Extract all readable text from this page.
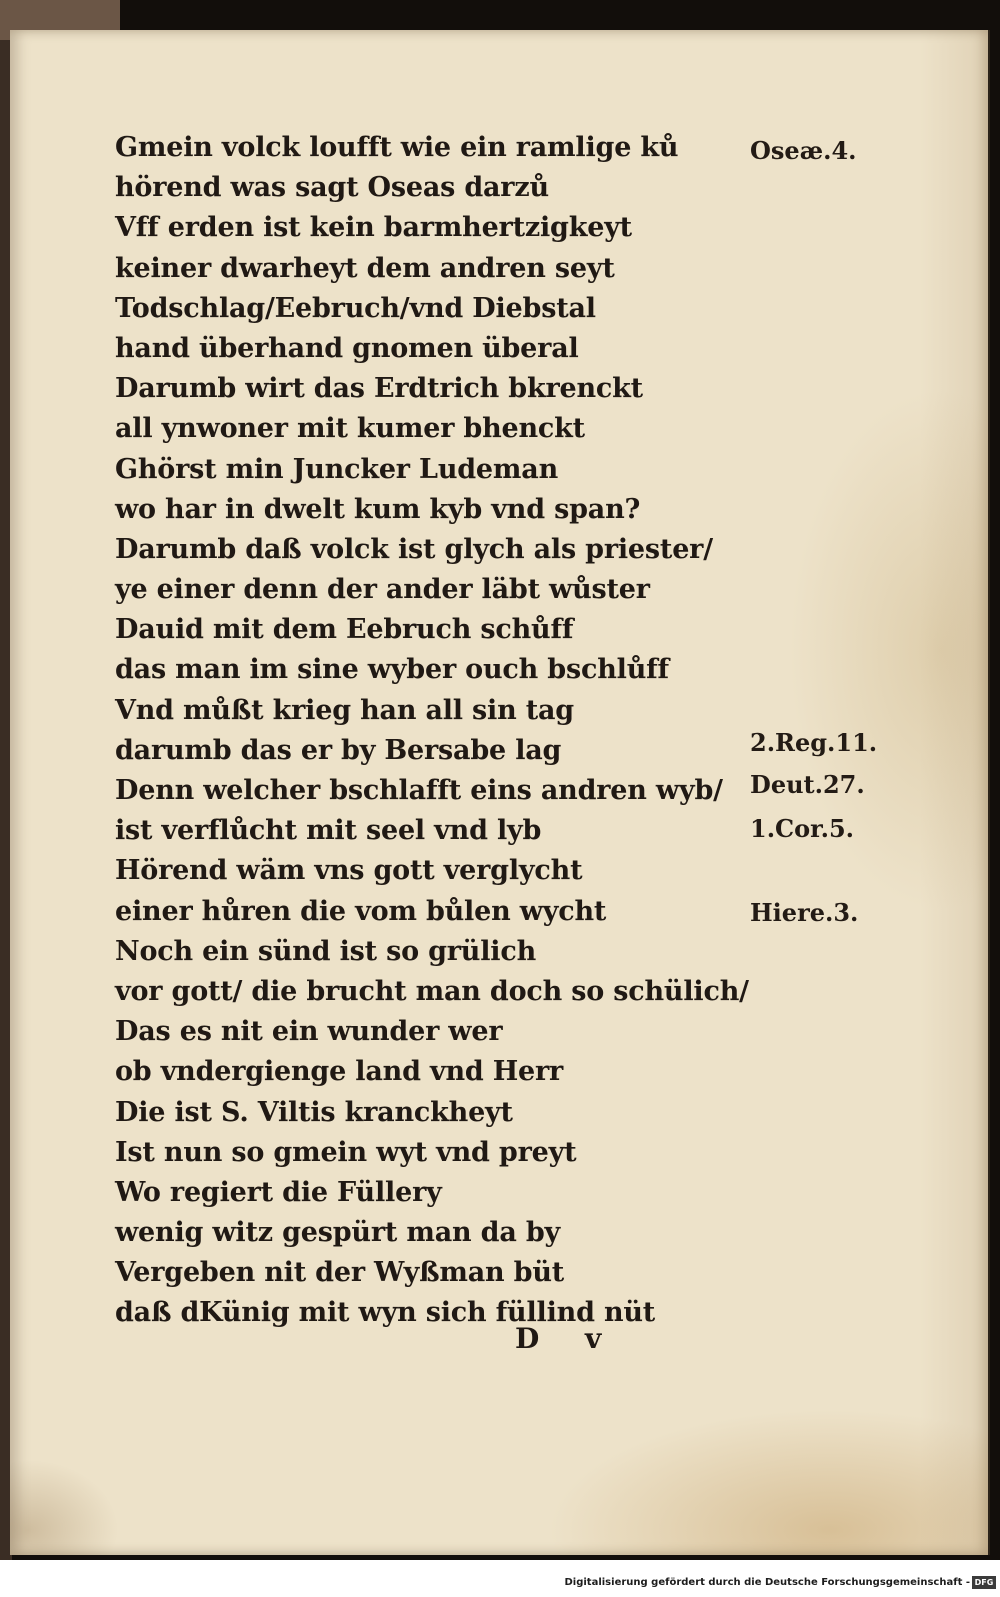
Gmein volck loufft wie ein ramlige ků
hörend was sagt Oseas darzů
Vff erden ist kein barmhertzigkeyt
keiner dwarheyt dem andren seyt
Todschlag/Eebruch/vnd Diebstal
hand überhand gnomen überal
Darumb wirt das Erdtrich bkrenckt
all ynwoner mit kumer bhenckt
Ghörst min Juncker Ludeman
wo har in dwelt kum kyb vnd span?
Darumb daß volck ist glych als priester/
ye einer denn der ander läbt wůster
Dauid mit dem Eebruch schůff
das man im sine wyber ouch bschlůff
Vnd můßt krieg han all sin tag
darumb das er by Bersabe lag
Denn welcher bschlafft eins andren wyb/
ist verflůcht mit seel vnd lyb
Hörend wäm vns gott verglycht
einer hůren die vom bůlen wycht
Noch ein sünd ist so grülich
vor gott/ die brucht man doch so schülich/
Das es nit ein wunder wer
ob vndergienge land vnd Herr
Die ist S. Viltis kranckheyt
Ist nun so gmein wyt vnd preyt
Wo regiert die Füllery
wenig witz gespürt man da by
Vergeben nit der Wyßman büt
daß dKünig mit wyn sich füllind nüt
Oseæ.4.
2.Reg.11.
Deut.27.
1.Cor.5.
Hiere.3.
D v
Digitalisierung gefördert durch die Deutsche Forschungsgemeinschaft - DFG
